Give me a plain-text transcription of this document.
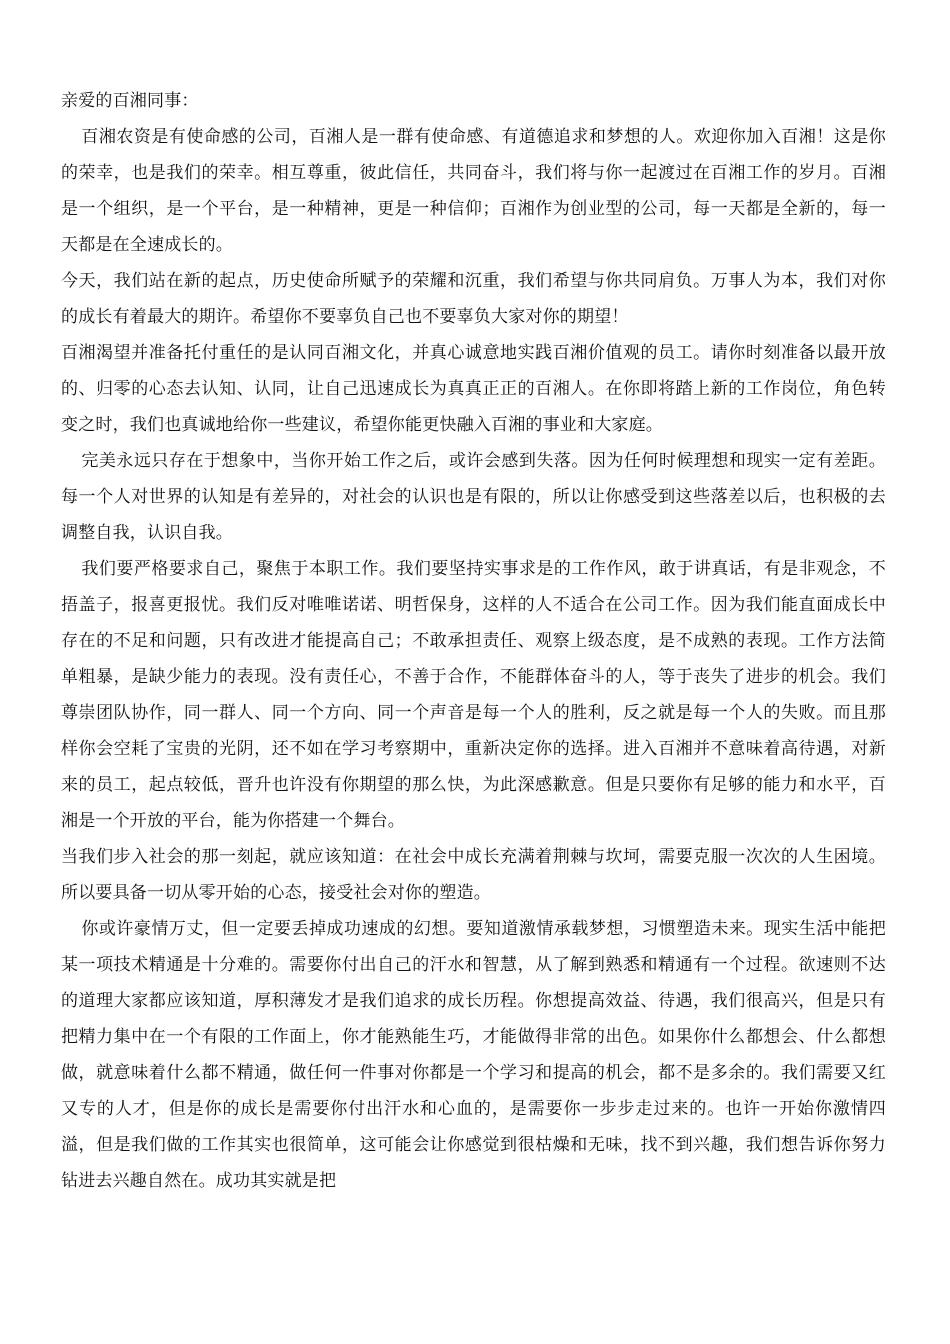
亲爱的百湘同事：

百湘农资是有使命感的公司，百湘人是一群有使命感、有道德追求和梦想的人。欢迎你加入百湘！这是你的荣幸，也是我们的荣幸。相互尊重，彼此信任，共同奋斗，我们将与你一起渡过在百湘工作的岁月。百湘是一个组织，是一个平台，是一种精神，更是一种信仰；百湘作为创业型的公司，每一天都是全新的，每一天都是在全速成长的。

今天，我们站在新的起点，历史使命所赋予的荣耀和沉重，我们希望与你共同肩负。万事人为本，我们对你的成长有着最大的期许。希望你不要辜负自己也不要辜负大家对你的期望！

百湘渴望并准备托付重任的是认同百湘文化，并真心诚意地实践百湘价值观的员工。请你时刻准备以最开放的、归零的心态去认知、认同，让自己迅速成长为真真正正的百湘人。在你即将踏上新的工作岗位，角色转变之时，我们也真诚地给你一些建议，希望你能更快融入百湘的事业和大家庭。

完美永远只存在于想象中，当你开始工作之后，或许会感到失落。因为任何时候理想和现实一定有差距。每一个人对世界的认知是有差异的，对社会的认识也是有限的，所以让你感受到这些落差以后，也积极的去调整自我，认识自我。

我们要严格要求自己，聚焦于本职工作。我们要坚持实事求是的工作作风，敢于讲真话，有是非观念，不捂盖子，报喜更报忧。我们反对唯唯诺诺、明哲保身，这样的人不适合在公司工作。因为我们能直面成长中存在的不足和问题，只有改进才能提高自己；不敢承担责任、观察上级态度，是不成熟的表现。工作方法简单粗暴，是缺少能力的表现。没有责任心，不善于合作，不能群体奋斗的人，等于丧失了进步的机会。我们尊崇团队协作，同一群人、同一个方向、同一个声音是每一个人的胜利，反之就是每一个人的失败。而且那样你会空耗了宝贵的光阴，还不如在学习考察期中，重新决定你的选择。进入百湘并不意味着高待遇，对新来的员工，起点较低，晋升也许没有你期望的那么快，为此深感歉意。但是只要你有足够的能力和水平，百湘是一个开放的平台，能为你搭建一个舞台。

当我们步入社会的那一刻起，就应该知道：在社会中成长充满着荆棘与坎坷，需要克服一次次的人生困境。所以要具备一切从零开始的心态，接受社会对你的塑造。

你或许豪情万丈，但一定要丢掉成功速成的幻想。要知道激情承载梦想，习惯塑造未来。现实生活中能把某一项技术精通是十分难的。需要你付出自己的汗水和智慧，从了解到熟悉和精通有一个过程。欲速则不达的道理大家都应该知道，厚积薄发才是我们追求的成长历程。你想提高效益、待遇，我们很高兴，但是只有把精力集中在一个有限的工作面上，你才能熟能生巧，才能做得非常的出色。如果你什么都想会、什么都想做，就意味着什么都不精通，做任何一件事对你都是一个学习和提高的机会，都不是多余的。我们需要又红又专的人才，但是你的成长是需要你付出汗水和心血的，是需要你一步步走过来的。也许一开始你激情四溢，但是我们做的工作其实也很简单，这可能会让你感觉到很枯燥和无味，找不到兴趣，我们想告诉你努力钻进去兴趣自然在。成功其实就是把
